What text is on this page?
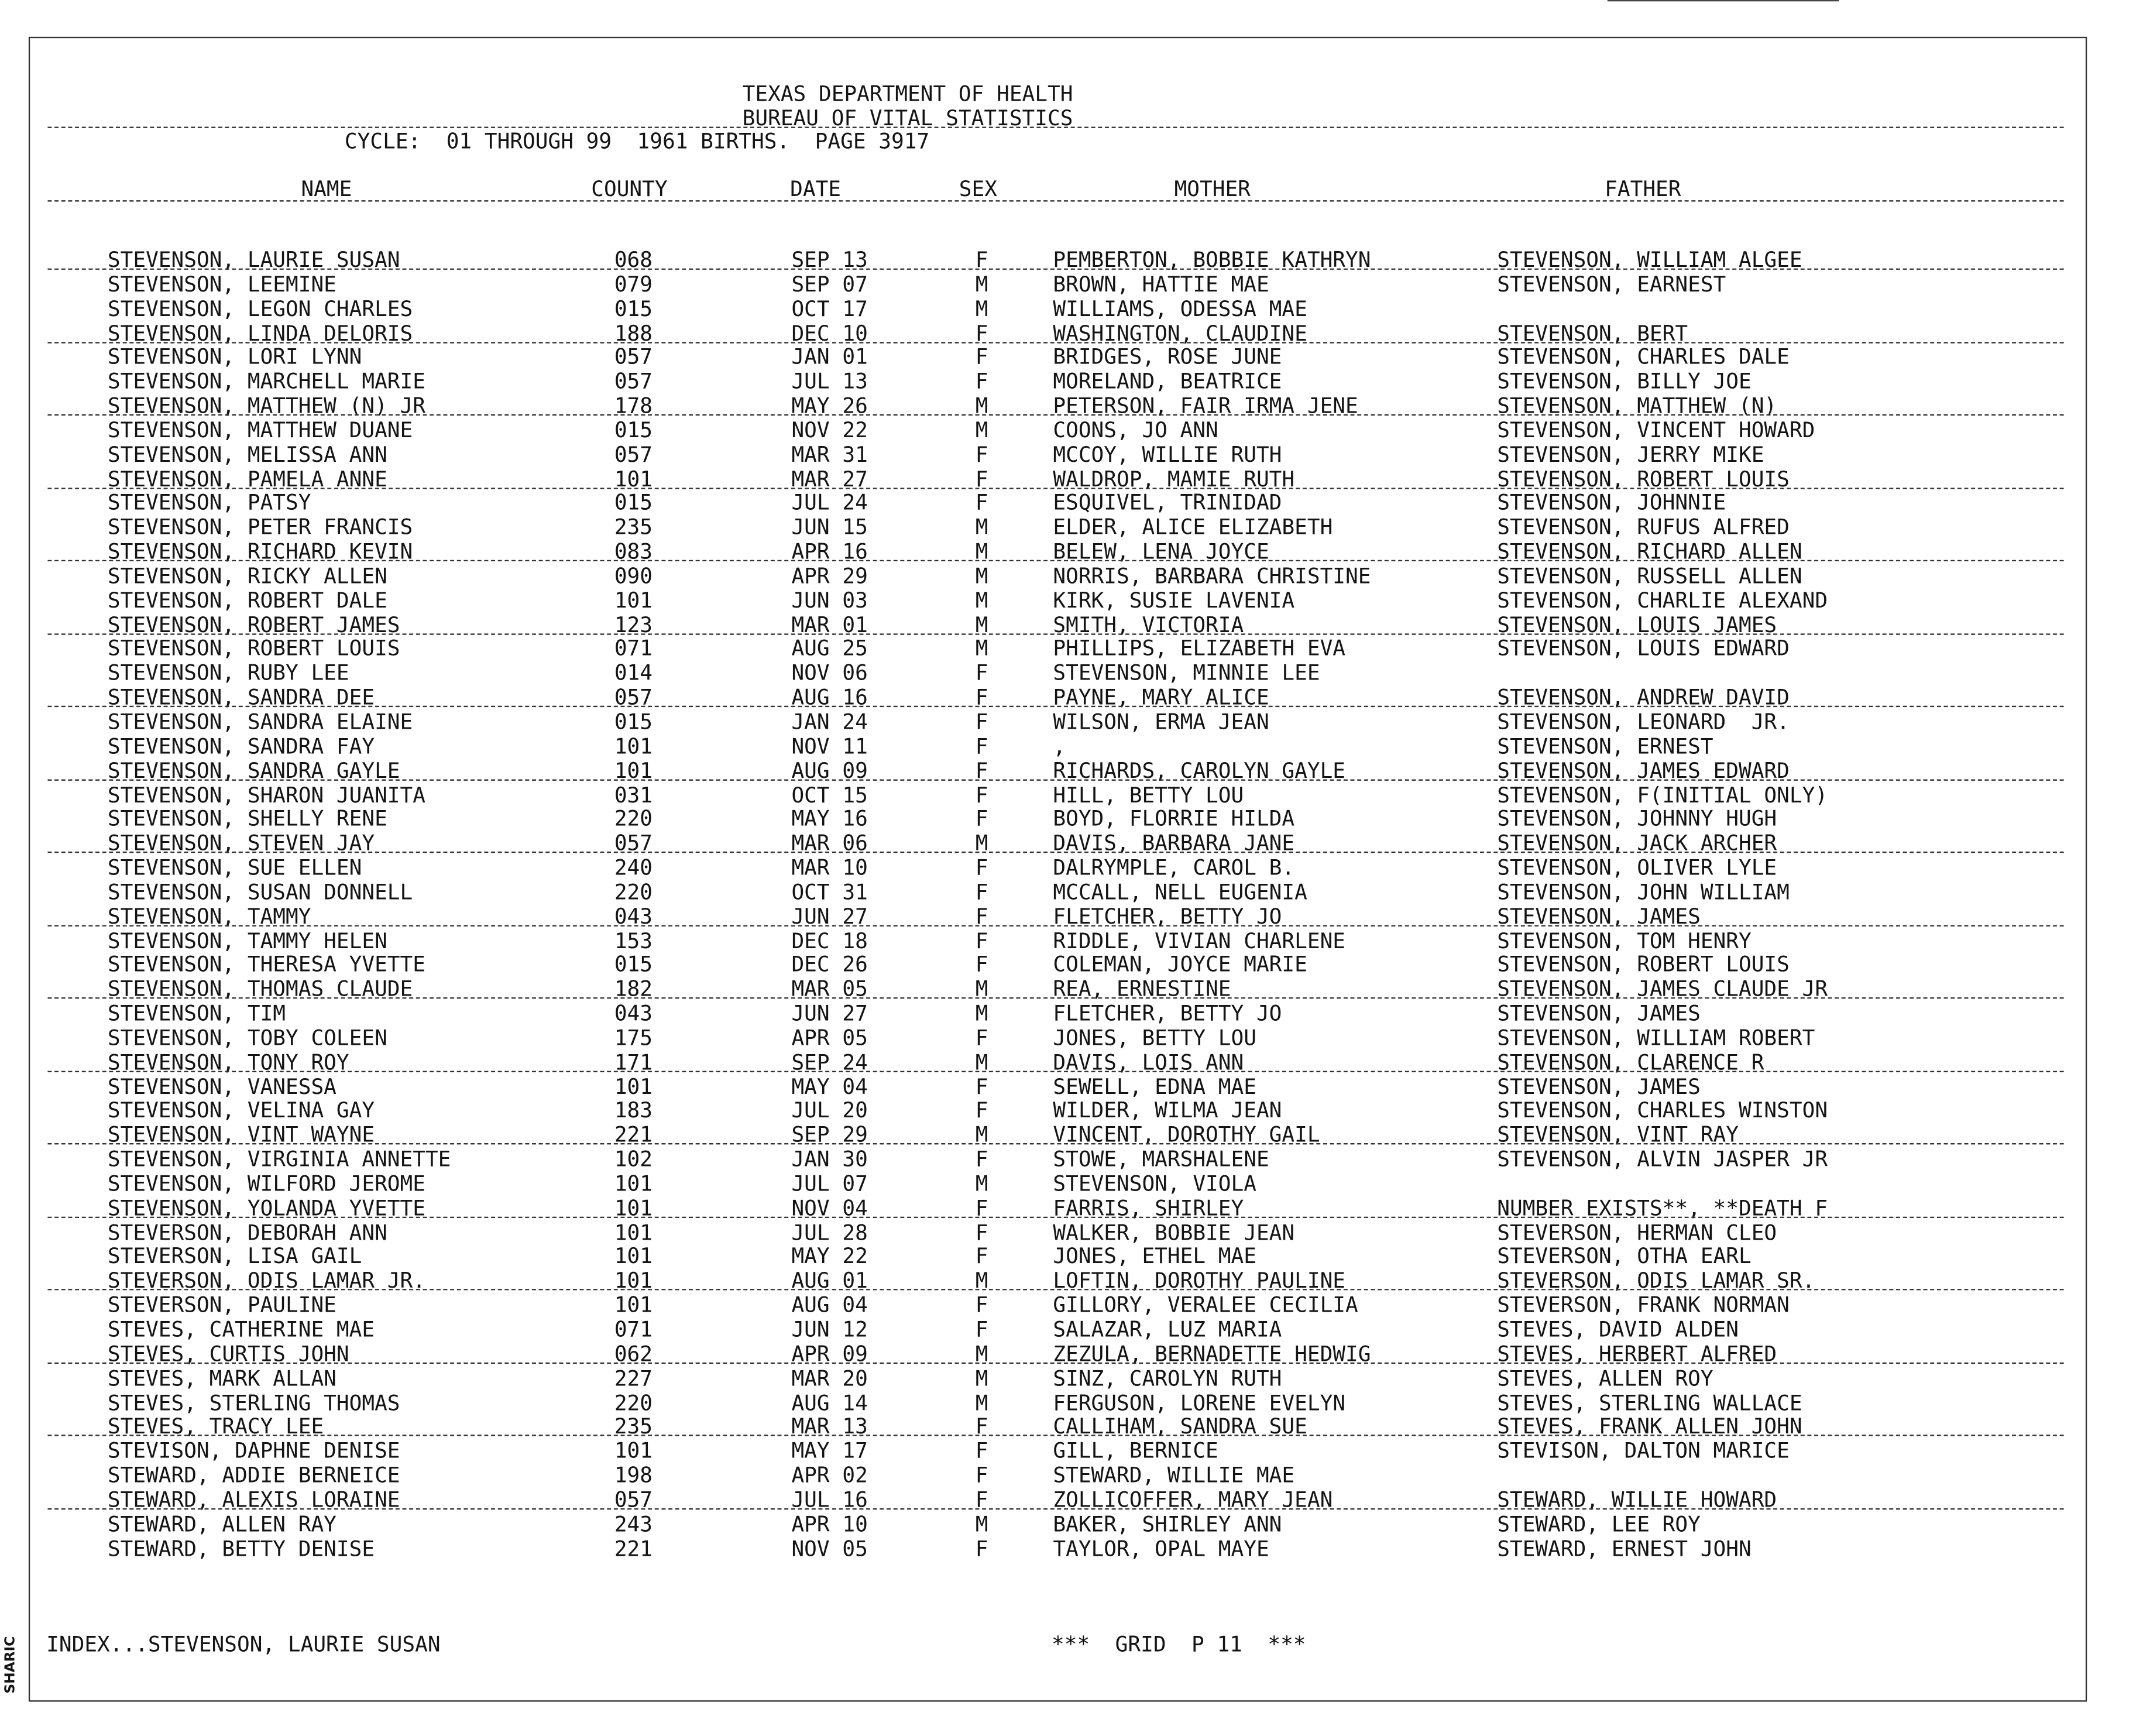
SHARIC
TEXAS DEPARTMENT OF HEALTH
BUREAU OF VITAL STATISTICS
CYCLE:  01 THROUGH 99  1961 BIRTHS.  PAGE 3917
NAME	COUNTY	DATE	SEX	MOTHER	FATHER
STEVENSON, LAURIE SUSAN	068	SEP 13	F	PEMBERTON, BOBBIE KATHRYN	STEVENSON, WILLIAM ALGEE
STEVENSON, LEEMINE	079	SEP 07	M	BROWN, HATTIE MAE	STEVENSON, EARNEST
STEVENSON, LEGON CHARLES	015	OCT 17	M	WILLIAMS, ODESSA MAE
STEVENSON, LINDA DELORIS	188	DEC 10	F	WASHINGTON, CLAUDINE	STEVENSON, BERT
STEVENSON, LORI LYNN	057	JAN 01	F	BRIDGES, ROSE JUNE	STEVENSON, CHARLES DALE
STEVENSON, MARCHELL MARIE	057	JUL 13	F	MORELAND, BEATRICE	STEVENSON, BILLY JOE
STEVENSON, MATTHEW (N) JR	178	MAY 26	M	PETERSON, FAIR IRMA JENE	STEVENSON, MATTHEW (N)
STEVENSON, MATTHEW DUANE	015	NOV 22	M	COONS, JO ANN	STEVENSON, VINCENT HOWARD
STEVENSON, MELISSA ANN	057	MAR 31	F	MCCOY, WILLIE RUTH	STEVENSON, JERRY MIKE
STEVENSON, PAMELA ANNE	101	MAR 27	F	WALDROP, MAMIE RUTH	STEVENSON, ROBERT LOUIS
STEVENSON, PATSY	015	JUL 24	F	ESQUIVEL, TRINIDAD	STEVENSON, JOHNNIE
STEVENSON, PETER FRANCIS	235	JUN 15	M	ELDER, ALICE ELIZABETH	STEVENSON, RUFUS ALFRED
STEVENSON, RICHARD KEVIN	083	APR 16	M	BELEW, LENA JOYCE	STEVENSON, RICHARD ALLEN
STEVENSON, RICKY ALLEN	090	APR 29	M	NORRIS, BARBARA CHRISTINE	STEVENSON, RUSSELL ALLEN
STEVENSON, ROBERT DALE	101	JUN 03	M	KIRK, SUSIE LAVENIA	STEVENSON, CHARLIE ALEXAND
STEVENSON, ROBERT JAMES	123	MAR 01	M	SMITH, VICTORIA	STEVENSON, LOUIS JAMES
STEVENSON, ROBERT LOUIS	071	AUG 25	M	PHILLIPS, ELIZABETH EVA	STEVENSON, LOUIS EDWARD
STEVENSON, RUBY LEE	014	NOV 06	F	STEVENSON, MINNIE LEE
STEVENSON, SANDRA DEE	057	AUG 16	F	PAYNE, MARY ALICE	STEVENSON, ANDREW DAVID
STEVENSON, SANDRA ELAINE	015	JAN 24	F	WILSON, ERMA JEAN	STEVENSON, LEONARD  JR.
STEVENSON, SANDRA FAY	101	NOV 11	F	,	STEVENSON, ERNEST
STEVENSON, SANDRA GAYLE	101	AUG 09	F	RICHARDS, CAROLYN GAYLE	STEVENSON, JAMES EDWARD
STEVENSON, SHARON JUANITA	031	OCT 15	F	HILL, BETTY LOU	STEVENSON, F(INITIAL ONLY)
STEVENSON, SHELLY RENE	220	MAY 16	F	BOYD, FLORRIE HILDA	STEVENSON, JOHNNY HUGH
STEVENSON, STEVEN JAY	057	MAR 06	M	DAVIS, BARBARA JANE	STEVENSON, JACK ARCHER
STEVENSON, SUE ELLEN	240	MAR 10	F	DALRYMPLE, CAROL B.	STEVENSON, OLIVER LYLE
STEVENSON, SUSAN DONNELL	220	OCT 31	F	MCCALL, NELL EUGENIA	STEVENSON, JOHN WILLIAM
STEVENSON, TAMMY	043	JUN 27	F	FLETCHER, BETTY JO	STEVENSON, JAMES
STEVENSON, TAMMY HELEN	153	DEC 18	F	RIDDLE, VIVIAN CHARLENE	STEVENSON, TOM HENRY
STEVENSON, THERESA YVETTE	015	DEC 26	F	COLEMAN, JOYCE MARIE	STEVENSON, ROBERT LOUIS
STEVENSON, THOMAS CLAUDE	182	MAR 05	M	REA, ERNESTINE	STEVENSON, JAMES CLAUDE JR
STEVENSON, TIM	043	JUN 27	M	FLETCHER, BETTY JO	STEVENSON, JAMES
STEVENSON, TOBY COLEEN	175	APR 05	F	JONES, BETTY LOU	STEVENSON, WILLIAM ROBERT
STEVENSON, TONY ROY	171	SEP 24	M	DAVIS, LOIS ANN	STEVENSON, CLARENCE R
STEVENSON, VANESSA	101	MAY 04	F	SEWELL, EDNA MAE	STEVENSON, JAMES
STEVENSON, VELINA GAY	183	JUL 20	F	WILDER, WILMA JEAN	STEVENSON, CHARLES WINSTON
STEVENSON, VINT WAYNE	221	SEP 29	M	VINCENT, DOROTHY GAIL	STEVENSON, VINT RAY
STEVENSON, VIRGINIA ANNETTE	102	JAN 30	F	STOWE, MARSHALENE	STEVENSON, ALVIN JASPER JR
STEVENSON, WILFORD JEROME	101	JUL 07	M	STEVENSON, VIOLA
STEVENSON, YOLANDA YVETTE	101	NOV 04	F	FARRIS, SHIRLEY	NUMBER EXISTS**, **DEATH F
STEVERSON, DEBORAH ANN	101	JUL 28	F	WALKER, BOBBIE JEAN	STEVERSON, HERMAN CLEO
STEVERSON, LISA GAIL	101	MAY 22	F	JONES, ETHEL MAE	STEVERSON, OTHA EARL
STEVERSON, ODIS LAMAR JR.	101	AUG 01	M	LOFTIN, DOROTHY PAULINE	STEVERSON, ODIS LAMAR SR.
STEVERSON, PAULINE	101	AUG 04	F	GILLORY, VERALEE CECILIA	STEVERSON, FRANK NORMAN
STEVES, CATHERINE MAE	071	JUN 12	F	SALAZAR, LUZ MARIA	STEVES, DAVID ALDEN
STEVES, CURTIS JOHN	062	APR 09	M	ZEZULA, BERNADETTE HEDWIG	STEVES, HERBERT ALFRED
STEVES, MARK ALLAN	227	MAR 20	M	SINZ, CAROLYN RUTH	STEVES, ALLEN ROY
STEVES, STERLING THOMAS	220	AUG 14	M	FERGUSON, LORENE EVELYN	STEVES, STERLING WALLACE
STEVES, TRACY LEE	235	MAR 13	F	CALLIHAM, SANDRA SUE	STEVES, FRANK ALLEN JOHN
STEVISON, DAPHNE DENISE	101	MAY 17	F	GILL, BERNICE	STEVISON, DALTON MARICE
STEWARD, ADDIE BERNEICE	198	APR 02	F	STEWARD, WILLIE MAE
STEWARD, ALEXIS LORAINE	057	JUL 16	F	ZOLLICOFFER, MARY JEAN	STEWARD, WILLIE HOWARD
STEWARD, ALLEN RAY	243	APR 10	M	BAKER, SHIRLEY ANN	STEWARD, LEE ROY
STEWARD, BETTY DENISE	221	NOV 05	F	TAYLOR, OPAL MAYE	STEWARD, ERNEST JOHN
INDEX...STEVENSON, LAURIE SUSAN	***  GRID  P 11  ***
